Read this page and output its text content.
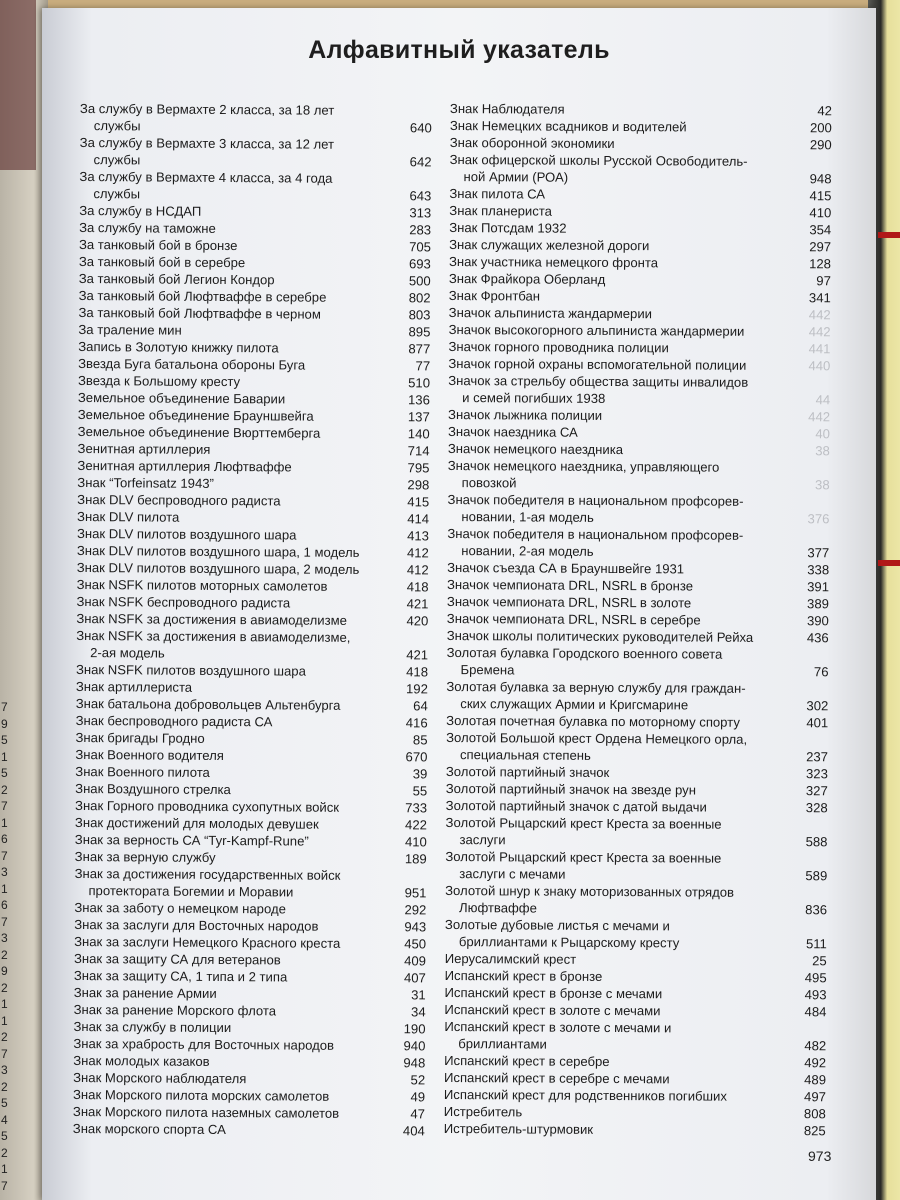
7
9
5
1
5
2
7
1
6
7
3
1
6
7
3
2
9
2
1
1
2
7
3
2
5
4
5
2
1
7
Алфавитный указатель
За службу в Вермахте 2 класса, за 18 лет
службы	640
За службу в Вермахте 3 класса, за 12 лет
службы	642
За службу в Вермахте 4 класса, за 4 года
службы	643
За службу в НСДАП	313
За службу на таможне	283
За танковый бой в бронзе	705
За танковый бой в серебре	693
За танковый бой Легион Кондор	500
За танковый бой Люфтваффе в серебре	802
За танковый бой Люфтваффе в черном	803
За траление мин	895
Запись в Золотую книжку пилота	877
Звезда Буга батальона обороны Буга	77
Звезда к Большому кресту	510
Земельное объединение Баварии	136
Земельное объединение Брауншвейга	137
Земельное объединение Вюрттемберга	140
Зенитная артиллерия	714
Зенитная артиллерия Люфтваффе	795
Знак “Torfeinsatz 1943”	298
Знак DLV беспроводного радиста	415
Знак DLV пилота	414
Знак DLV пилотов воздушного шара	413
Знак DLV пилотов воздушного шара, 1 модель	412
Знак DLV пилотов воздушного шара, 2 модель	412
Знак NSFK пилотов моторных самолетов	418
Знак NSFK беспроводного радиста	421
Знак NSFK за достижения в авиамоделизме	420
Знак NSFK за достижения в авиамоделизме,
2-ая модель	421
Знак NSFK пилотов воздушного шара	418
Знак артиллериста	192
Знак батальона добровольцев Альтенбурга	64
Знак беспроводного радиста СА	416
Знак бригады Гродно	85
Знак Военного водителя	670
Знак Военного пилота	39
Знак Воздушного стрелка	55
Знак Горного проводника сухопутных войск	733
Знак достижений для молодых девушек	422
Знак за верность СА “Tyr-Kampf-Rune”	410
Знак за верную службу	189
Знак за достижения государственных войск
протектората Богемии и Моравии	951
Знак за заботу о немецком народе	292
Знак за заслуги для Восточных народов	943
Знак за заслуги Немецкого Красного креста	450
Знак за защиту СА для ветеранов	409
Знак за защиту СА, 1 типа и 2 типа	407
Знак за ранение Армии	31
Знак за ранение Морского флота	34
Знак за службу в полиции	190
Знак за храбрость для Восточных народов	940
Знак молодых казаков	948
Знак Морского наблюдателя	52
Знак Морского пилота морских самолетов	49
Знак Морского пилота наземных самолетов	47
Знак морского спорта СА	404
Знак Наблюдателя	42
Знак Немецких всадников и водителей	200
Знак оборонной экономики	290
Знак офицерской школы Русской Освободитель-
ной Армии (РОА)	948
Знак пилота СА	415
Знак планериста	410
Знак Потсдам 1932	354
Знак служащих железной дороги	297
Знак участника немецкого фронта	128
Знак Фрайкора Оберланд	97
Знак Фронтбан	341
Значок альпиниста жандармерии	442
Значок высокогорного альпиниста жандармерии	442
Значок горного проводника полиции	441
Значок горной охраны вспомогательной полиции	440
Значок за стрельбу общества защиты инвалидов
и семей погибших 1938	44
Значок лыжника полиции	442
Значок наездника СА	40
Значок немецкого наездника	38
Значок немецкого наездника, управляющего
повозкой	38
Значок победителя в национальном профсорев-
новании, 1-ая модель	376
Значок победителя в национальном профсорев-
новании, 2-ая модель	377
Значок съезда СА в Брауншвейге 1931	338
Значок чемпионата DRL, NSRL в бронзе	391
Значок чемпионата DRL, NSRL в золоте	389
Значок чемпионата DRL, NSRL в серебре	390
Значок школы политических руководителей Рейха	436
Золотая булавка Городского военного совета
Бремена	76
Золотая булавка за верную службу для граждан-
ских служащих Армии и Кригсмарине	302
Золотая почетная булавка по моторному спорту	401
Золотой Большой крест Ордена Немецкого орла,
специальная степень	237
Золотой партийный значок	323
Золотой партийный значок на звезде рун	327
Золотой партийный значок с датой выдачи	328
Золотой Рыцарский крест Креста за военные
заслуги	588
Золотой Рыцарский крест Креста за военные
заслуги с мечами	589
Золотой шнур к знаку моторизованных отрядов
Люфтваффе	836
Золотые дубовые листья с мечами и
бриллиантами к Рыцарскому кресту	511
Иерусалимский крест	25
Испанский крест в бронзе	495
Испанский крест в бронзе с мечами	493
Испанский крест в золоте с мечами	484
Испанский крест в золоте с мечами и
бриллиантами	482
Испанский крест в серебре	492
Испанский крест в серебре с мечами	489
Испанский крест для родственников погибших	497
Истребитель	808
Истребитель-штурмовик	825
973
